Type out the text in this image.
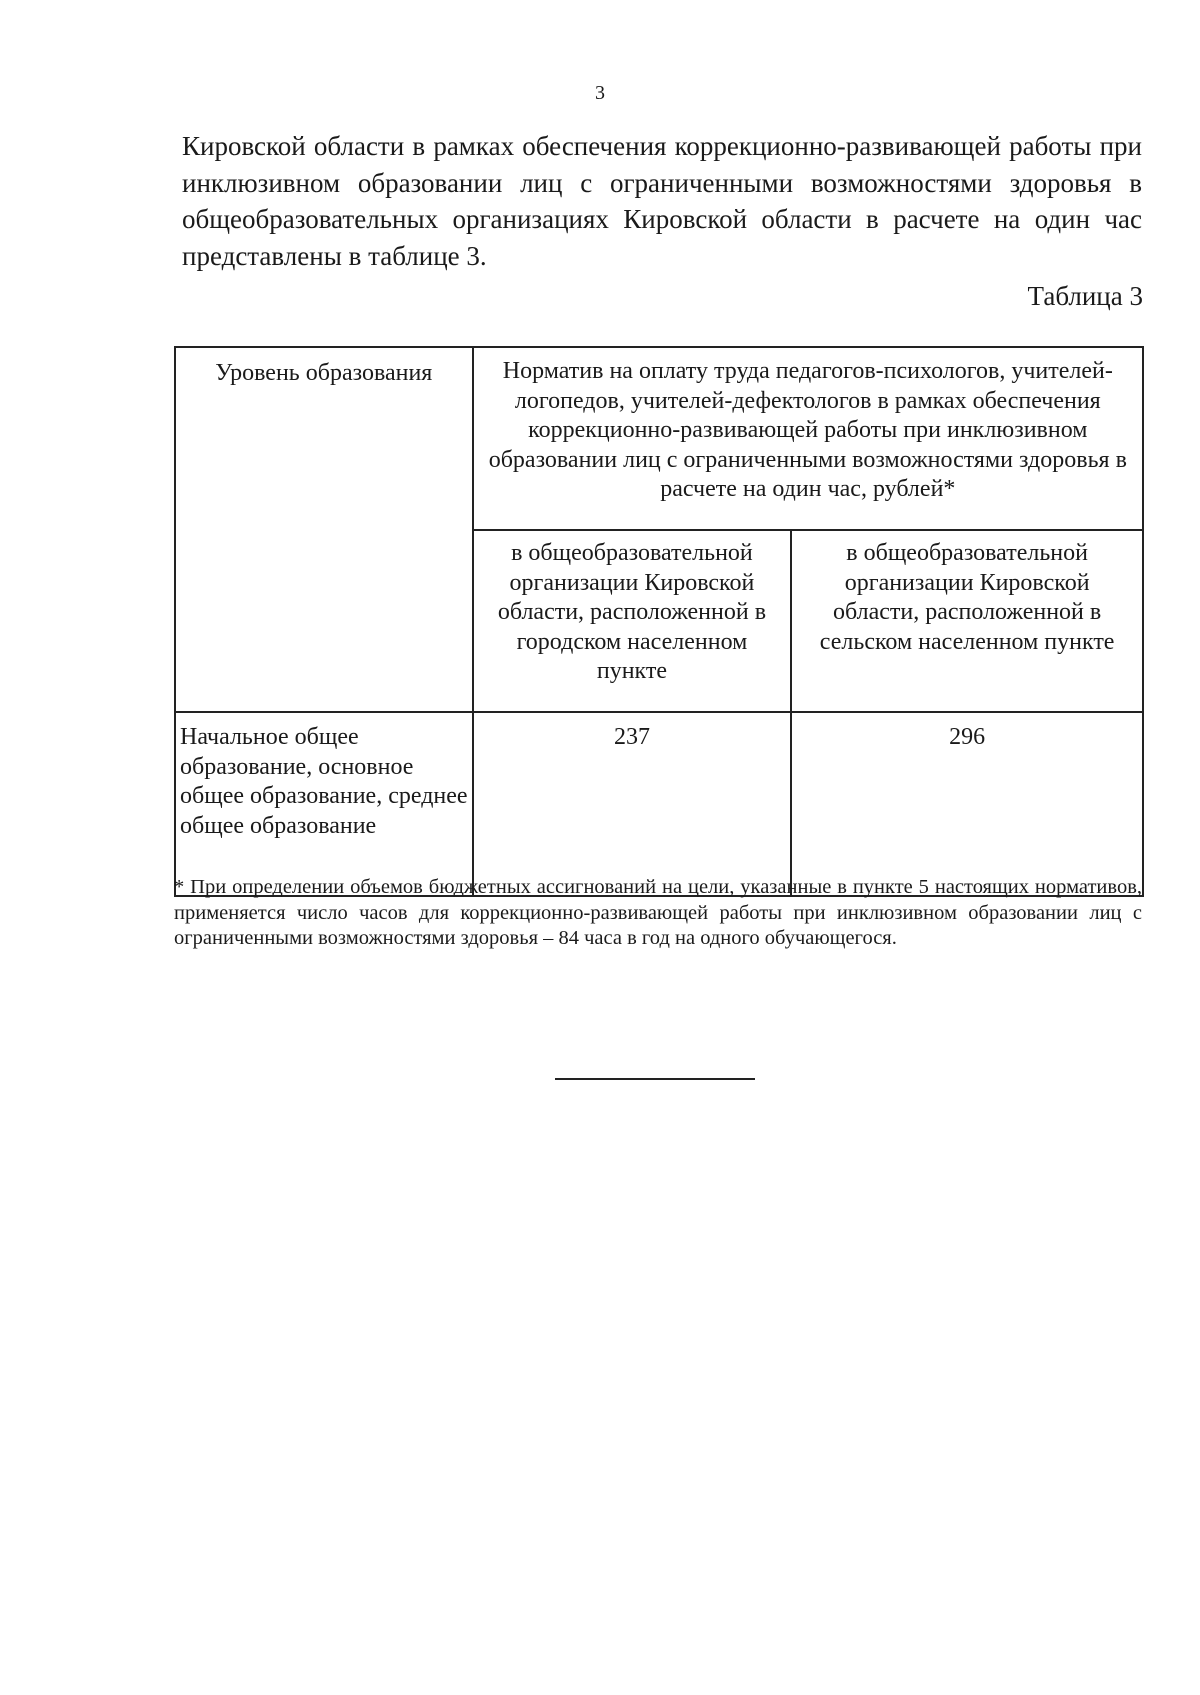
3

Кировской области в рамках обеспечения коррекционно-развивающей работы при инклюзивном образовании лиц с ограниченными возможностями здоровья в общеобразовательных организациях Кировской области в расчете на один час представлены в таблице 3.

Таблица 3
Уровень образования	Норматив на оплату труда педагогов-психологов, учителей-логопедов, учителей-дефектологов в рамках обеспечения коррекционно-развивающей работы при инклюзивном образовании лиц с ограниченными возможностями здоровья в расчете на один час, рублей*	
	в общеобразовательной организации Кировской области, расположенной в городском населенном пункте	в общеобразовательной организации Кировской области, расположенной в сельском населенном пункте
Начальное общее образование, основное общее образование, среднее общее образование	237	296

* При определении объемов бюджетных ассигнований на цели, указанные в пункте 5 настоящих нормативов, применяется число часов для коррекционно-развивающей работы при инклюзивном образовании лиц с ограниченными возможностями здоровья – 84 часа в год на одного обучающегося.
